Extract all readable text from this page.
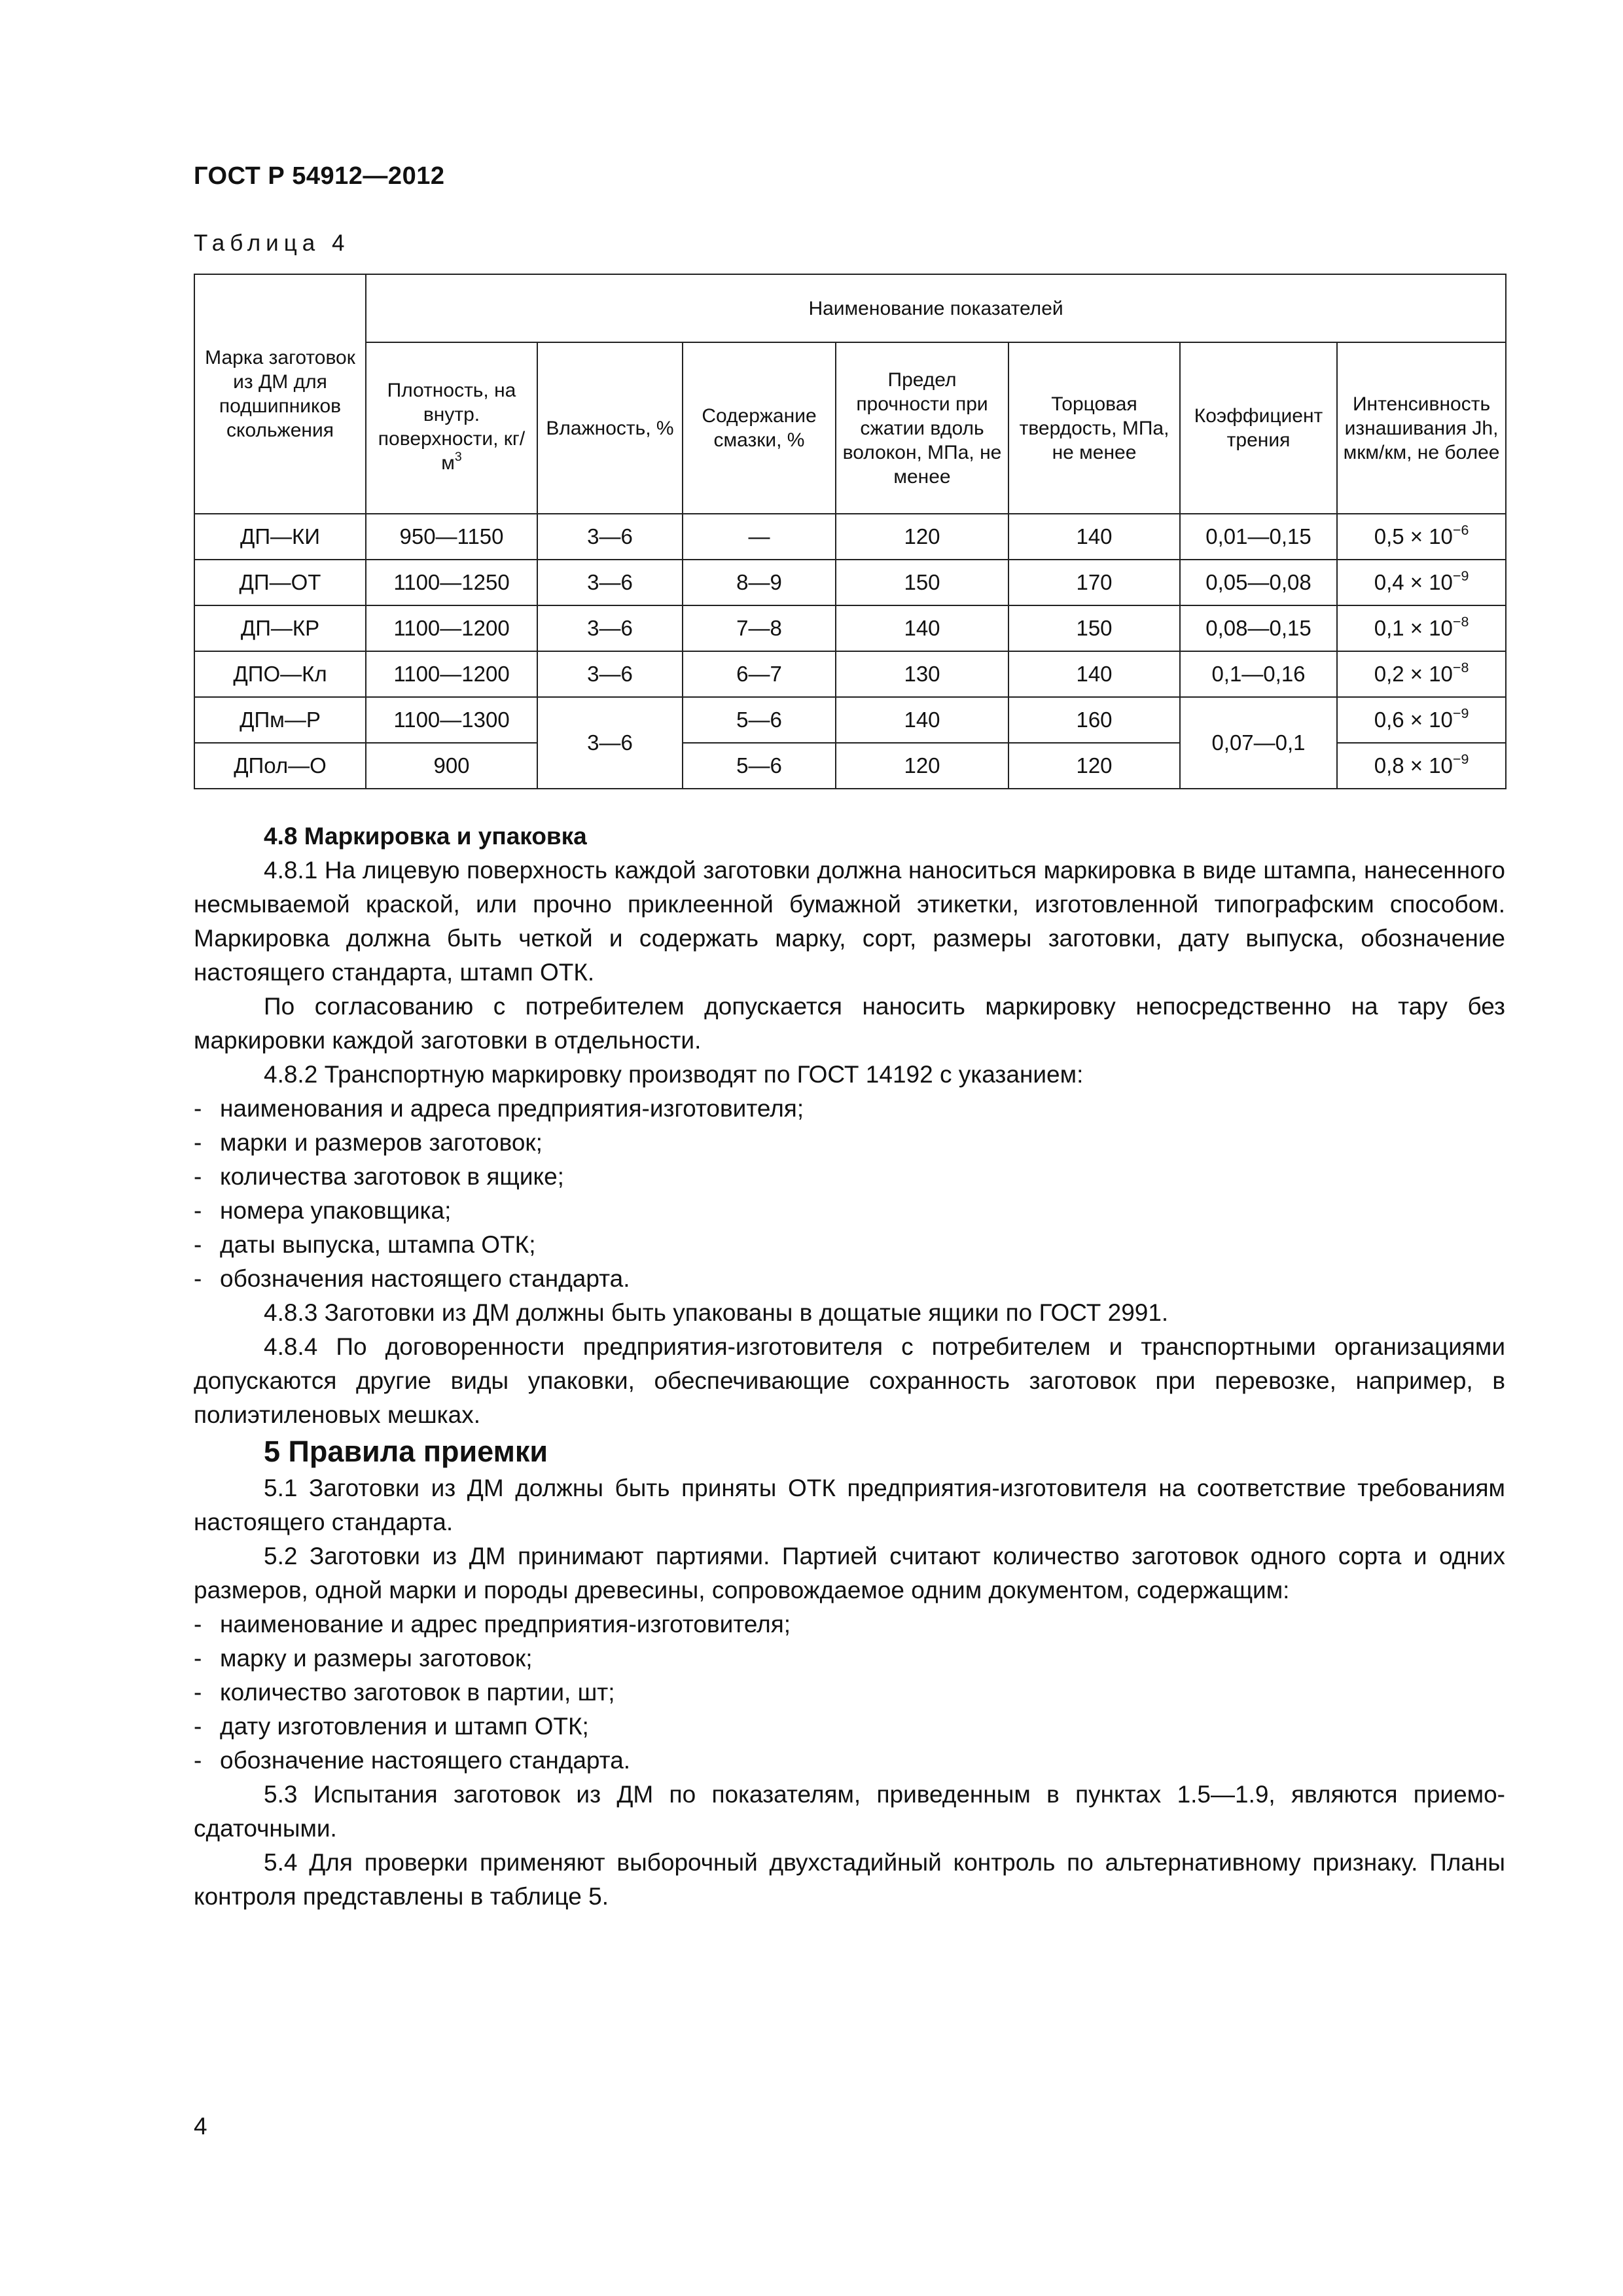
ГОСТ Р 54912—2012
Таблица 4
Марка заготовок из ДМ для подшипников скольжения	Наименование показателей						
	Плотность, на внутр. поверхности, $кг/м^3$	Влажность, %	Содержание смазки, %	Предел прочности при сжатии вдоль волокон, МПа, не менее	Торцовая твердость, МПа, не менее	Коэффициент трения	Интенсивность изнашивания Jh, мкм/км, не более
ДП—КИ	950—1150	3—6	—	120	140	0,01—0,15	$0,5 \times 10^{-6}$
ДП—ОТ	1100—1250	3—6	8—9	150	170	0,05—0,08	$0,4 \times 10^{-9}$
ДП—КР	1100—1200	3—6	7—8	140	150	0,08—0,15	$0,1 \times 10^{-8}$
ДПО—Кл	1100—1200	3—6	6—7	130	140	0,1—0,16	$0,2 \times 10^{-8}$
ДПм—Р	1100—1300	3—6	5—6	140	160	0,07—0,1	$0,6 \times 10^{-9}$
ДПол—О	900		5—6	120	120		$0,8 \times 10^{-9}$

4.8 Маркировка и упаковка

4.8.1 На лицевую поверхность каждой заготовки должна наноситься маркировка в виде штампа, нанесенного несмываемой краской, или прочно приклеенной бумажной этикетки, изготовленной типографским способом. Маркировка должна быть четкой и содержать марку, сорт, размеры заготовки, дату выпуска, обозначение настоящего стандарта, штамп ОТК.

По согласованию с потребителем допускается наносить маркировку непосредственно на тару без маркировки каждой заготовки в отдельности.

4.8.2 Транспортную маркировку производят по ГОСТ 14192 с указанием:

- наименования и адреса предприятия-изготовителя;

- марки и размеров заготовок;

- количества заготовок в ящике;

- номера упаковщика;

- даты выпуска, штампа ОТК;

- обозначения настоящего стандарта.

4.8.3 Заготовки из ДМ должны быть упакованы в дощатые ящики по ГОСТ 2991.

4.8.4 По договоренности предприятия-изготовителя с потребителем и транспортными организациями допускаются другие виды упаковки, обеспечивающие сохранность заготовок при перевозке, например, в полиэтиленовых мешках.

5 Правила приемки

5.1 Заготовки из ДМ должны быть приняты ОТК предприятия-изготовителя на соответствие требованиям настоящего стандарта.

5.2 Заготовки из ДМ принимают партиями. Партией считают количество заготовок одного сорта и одних размеров, одной марки и породы древесины, сопровождаемое одним документом, содержащим:

- наименование и адрес предприятия-изготовителя;

- марку и размеры заготовок;

- количество заготовок в партии, шт;

- дату изготовления и штамп ОТК;

- обозначение настоящего стандарта.

5.3 Испытания заготовок из ДМ по показателям, приведенным в пунктах 1.5—1.9, являются приемо-сдаточными.

5.4 Для проверки применяют выборочный двухстадийный контроль по альтернативному признаку. Планы контроля представлены в таблице 5.

4
